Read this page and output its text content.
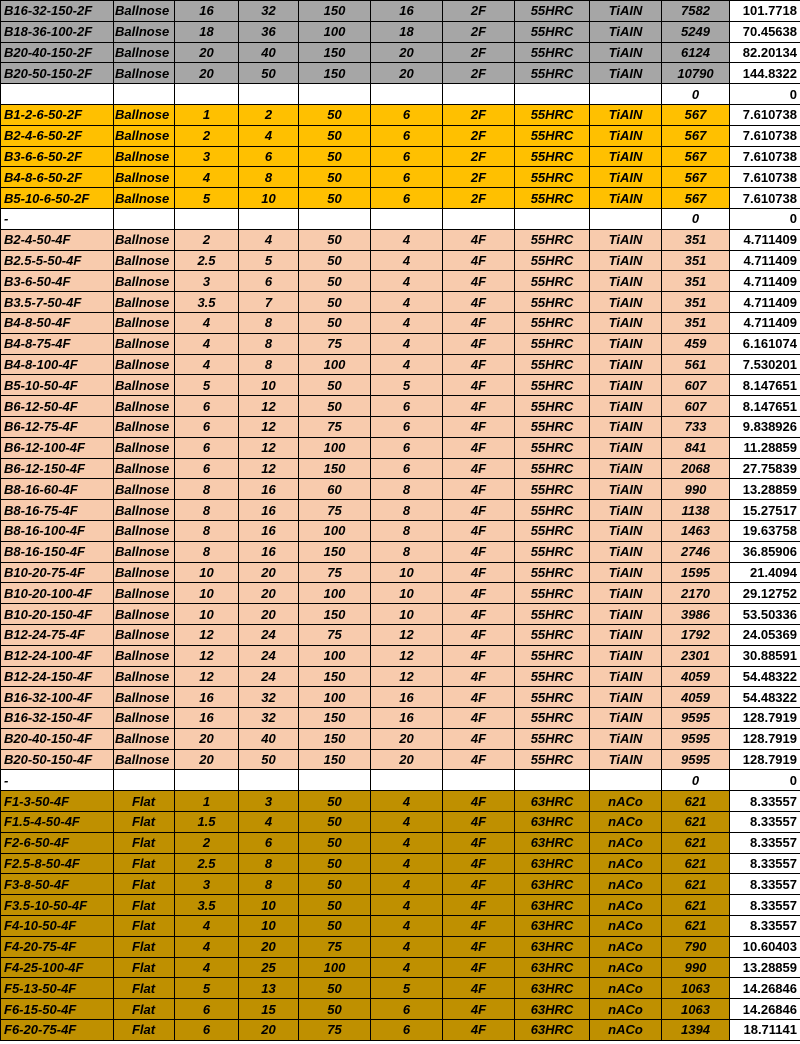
B16-32-150-2F	Ballnose	16	32	150	16	2F	55HRC	TiAIN	7582	101.7718
B18-36-100-2F	Ballnose	18	36	100	18	2F	55HRC	TiAIN	5249	70.45638
B20-40-150-2F	Ballnose	20	40	150	20	2F	55HRC	TiAIN	6124	82.20134
B20-50-150-2F	Ballnose	20	50	150	20	2F	55HRC	TiAIN	10790	144.8322
									0	0
B1-2-6-50-2F	Ballnose	1	2	50	6	2F	55HRC	TiAIN	567	7.610738
B2-4-6-50-2F	Ballnose	2	4	50	6	2F	55HRC	TiAIN	567	7.610738
B3-6-6-50-2F	Ballnose	3	6	50	6	2F	55HRC	TiAIN	567	7.610738
B4-8-6-50-2F	Ballnose	4	8	50	6	2F	55HRC	TiAIN	567	7.610738
B5-10-6-50-2F	Ballnose	5	10	50	6	2F	55HRC	TiAIN	567	7.610738
-									0	0
B2-4-50-4F	Ballnose	2	4	50	4	4F	55HRC	TiAIN	351	4.711409
B2.5-5-50-4F	Ballnose	2.5	5	50	4	4F	55HRC	TiAIN	351	4.711409
B3-6-50-4F	Ballnose	3	6	50	4	4F	55HRC	TiAIN	351	4.711409
B3.5-7-50-4F	Ballnose	3.5	7	50	4	4F	55HRC	TiAIN	351	4.711409
B4-8-50-4F	Ballnose	4	8	50	4	4F	55HRC	TiAIN	351	4.711409
B4-8-75-4F	Ballnose	4	8	75	4	4F	55HRC	TiAIN	459	6.161074
B4-8-100-4F	Ballnose	4	8	100	4	4F	55HRC	TiAIN	561	7.530201
B5-10-50-4F	Ballnose	5	10	50	5	4F	55HRC	TiAIN	607	8.147651
B6-12-50-4F	Ballnose	6	12	50	6	4F	55HRC	TiAIN	607	8.147651
B6-12-75-4F	Ballnose	6	12	75	6	4F	55HRC	TiAIN	733	9.838926
B6-12-100-4F	Ballnose	6	12	100	6	4F	55HRC	TiAIN	841	11.28859
B6-12-150-4F	Ballnose	6	12	150	6	4F	55HRC	TiAIN	2068	27.75839
B8-16-60-4F	Ballnose	8	16	60	8	4F	55HRC	TiAIN	990	13.28859
B8-16-75-4F	Ballnose	8	16	75	8	4F	55HRC	TiAIN	1138	15.27517
B8-16-100-4F	Ballnose	8	16	100	8	4F	55HRC	TiAIN	1463	19.63758
B8-16-150-4F	Ballnose	8	16	150	8	4F	55HRC	TiAIN	2746	36.85906
B10-20-75-4F	Ballnose	10	20	75	10	4F	55HRC	TiAIN	1595	21.4094
B10-20-100-4F	Ballnose	10	20	100	10	4F	55HRC	TiAIN	2170	29.12752
B10-20-150-4F	Ballnose	10	20	150	10	4F	55HRC	TiAIN	3986	53.50336
B12-24-75-4F	Ballnose	12	24	75	12	4F	55HRC	TiAIN	1792	24.05369
B12-24-100-4F	Ballnose	12	24	100	12	4F	55HRC	TiAIN	2301	30.88591
B12-24-150-4F	Ballnose	12	24	150	12	4F	55HRC	TiAIN	4059	54.48322
B16-32-100-4F	Ballnose	16	32	100	16	4F	55HRC	TiAIN	4059	54.48322
B16-32-150-4F	Ballnose	16	32	150	16	4F	55HRC	TiAIN	9595	128.7919
B20-40-150-4F	Ballnose	20	40	150	20	4F	55HRC	TiAIN	9595	128.7919
B20-50-150-4F	Ballnose	20	50	150	20	4F	55HRC	TiAIN	9595	128.7919
-									0	0
F1-3-50-4F	Flat	1	3	50	4	4F	63HRC	nACo	621	8.33557
F1.5-4-50-4F	Flat	1.5	4	50	4	4F	63HRC	nACo	621	8.33557
F2-6-50-4F	Flat	2	6	50	4	4F	63HRC	nACo	621	8.33557
F2.5-8-50-4F	Flat	2.5	8	50	4	4F	63HRC	nACo	621	8.33557
F3-8-50-4F	Flat	3	8	50	4	4F	63HRC	nACo	621	8.33557
F3.5-10-50-4F	Flat	3.5	10	50	4	4F	63HRC	nACo	621	8.33557
F4-10-50-4F	Flat	4	10	50	4	4F	63HRC	nACo	621	8.33557
F4-20-75-4F	Flat	4	20	75	4	4F	63HRC	nACo	790	10.60403
F4-25-100-4F	Flat	4	25	100	4	4F	63HRC	nACo	990	13.28859
F5-13-50-4F	Flat	5	13	50	5	4F	63HRC	nACo	1063	14.26846
F6-15-50-4F	Flat	6	15	50	6	4F	63HRC	nACo	1063	14.26846
F6-20-75-4F	Flat	6	20	75	6	4F	63HRC	nACo	1394	18.71141
